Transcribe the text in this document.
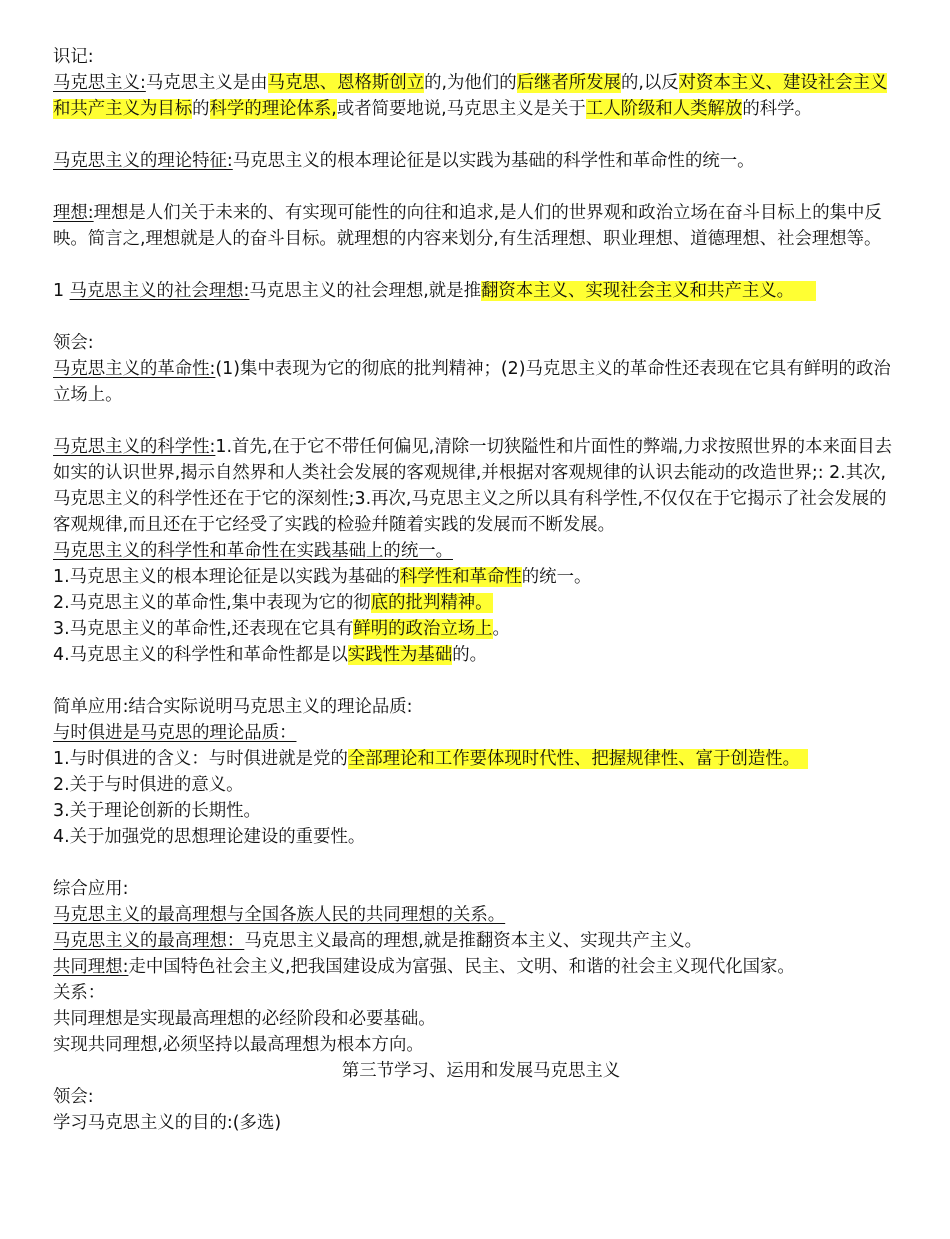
识记:

马克思主义:马克思主义是由马克思、恩格斯创立的,为他们的后继者所发展的,以反对资本主义、建设社会主义和共产主义为目标的科学的理论体系,或者简要地说,马克思主义是关于工人阶级和人类解放的科学。

马克思主义的理论特征:马克思主义的根本理论征是以实践为基础的科学性和革命性的统一。

理想:理想是人们关于未来的、有实现可能性的向往和追求,是人们的世界观和政治立场在奋斗目标上的集中反映。简言之,理想就是人的奋斗目标。就理想的内容来划分,有生活理想、职业理想、道德理想、社会理想等。

1 马克思主义的社会理想:马克思主义的社会理想,就是推翻资本主义、实现社会主义和共产主义。

领会:

马克思主义的革命性:(1)集中表现为它的彻底的批判精神；(2)马克思主义的革命性还表现在它具有鲜明的政治立场上。

马克思主义的科学性:1.首先,在于它不带任何偏见,清除一切狭隘性和片面性的弊端,力求按照世界的本来面目去如实的认识世界,揭示自然界和人类社会发展的客观规律,并根据对客观规律的认识去能动的改造世界;: 2.其次,马克思主义的科学性还在于它的深刻性;3.再次,马克思主义之所以具有科学性,不仅仅在于它揭示了社会发展的客观规律,而且还在于它经受了实践的检验幷随着实践的发展而不断发展。

马克思主义的科学性和革命性在实践基础上的统一。

1.马克思主义的根本理论征是以实践为基础的科学性和革命性的统一。

2.马克思主义的革命性,集中表现为它的彻底的批判精神。

3.马克思主义的革命性,还表现在它具有鲜明的政治立场上。

4.马克思主义的科学性和革命性都是以实践性为基础的。

简单应用:结合实际说明马克思主义的理论品质:

与时俱进是马克思的理论品质：

1.与时俱进的含义：与时俱进就是党的全部理论和工作要体现时代性、把握规律性、富于创造性。

2.关于与时俱进的意义。

3.关于理论创新的长期性。

4.关于加强党的思想理论建设的重要性。

综合应用:

马克思主义的最高理想与全国各族人民的共同理想的关系。

马克思主义的最高理想：马克思主义最高的理想,就是推翻资本主义、实现共产主义。

共同理想:走中国特色社会主义,把我国建设成为富强、民主、文明、和谐的社会主义现代化国家。

关系：

共同理想是实现最高理想的必经阶段和必要基础。

实现共同理想,必须坚持以最高理想为根本方向。

第三节学习、运用和发展马克思主义

领会:

学习马克思主义的目的:(多选)
